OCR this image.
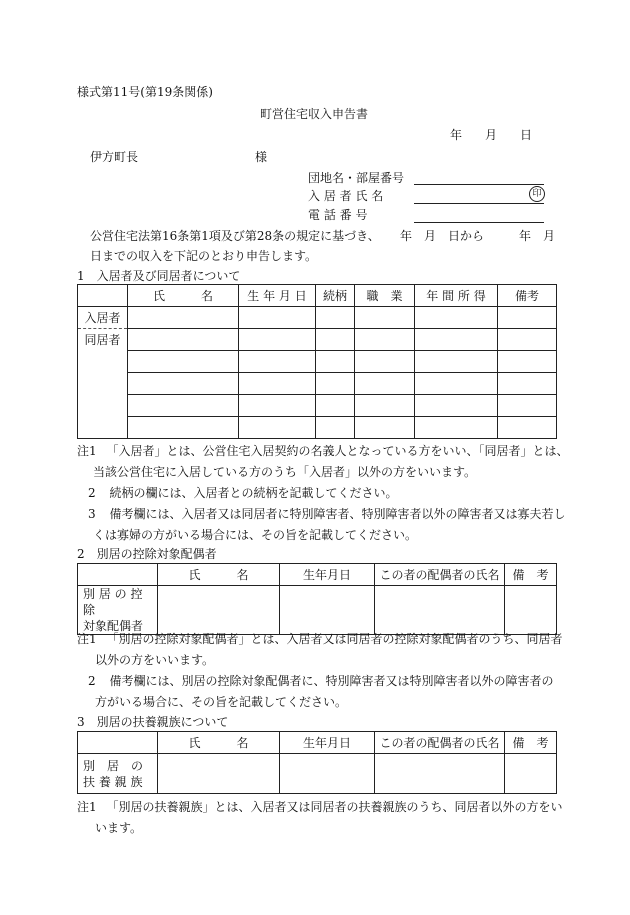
様式第11号(第19条関係)
町営住宅収入申告書
年 月 日
伊方町長	様
団地名・部屋番号
入 居 者 氏 名	印
電 話 番 号
公営住宅法第16条第1項及び第28条の規定に基づき、 年　月　日から	年　月
日までの収入を下記のとおり申告します。
1　入居者及び同居者について
	氏　　　名	生 年 月 日	続柄	職　業	年 間 所 得	備考
入居者						
同居者						

注1 「入居者」とは、公営住宅入居契約の名義人となっている方をいい、「同居者」とは、
当該公営住宅に入居している方のうち「入居者」以外の方をいいます。
2 続柄の欄には、入居者との続柄を記載してください。
3 備考欄には、入居者又は同居者に特別障害者、特別障害者以外の障害者又は寡夫若し
くは寡婦の方がいる場合には、その旨を記載してください。
2　別居の控除対象配偶者
	氏　　　名	生年月日	この者の配偶者の氏名	備　考
別 居 の 控 除
対象配偶者				
注1 「別居の控除対象配偶者」とは、入居者又は同居者の控除対象配偶者のうち、同居者
以外の方をいいます。
2 備考欄には、別居の控除対象配偶者に、特別障害者又は特別障害者以外の障害者の
方がいる場合に、その旨を記載してください。
3　別居の扶養親族について
	氏　　　名	生年月日	この者の配偶者の氏名	備　考
別　居　の
扶 養 親 族				
注1 「別居の扶養親族」とは、入居者又は同居者の扶養親族のうち、同居者以外の方をい
います。
